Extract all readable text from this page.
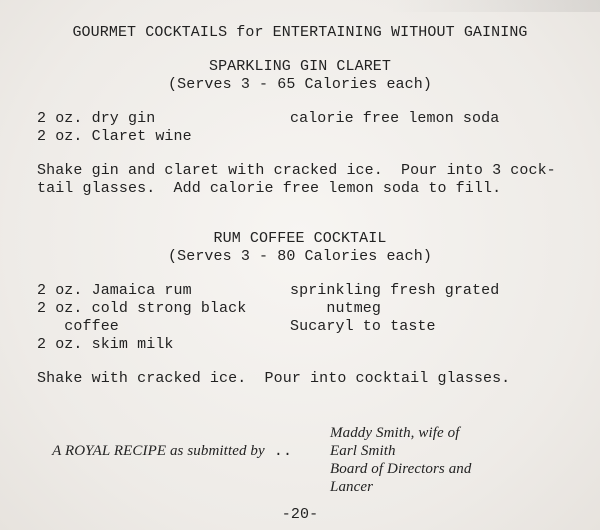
GOURMET COCKTAILS for ENTERTAINING WITHOUT GAINING
SPARKLING GIN CLARET
(Serves 3 - 65 Calories each)
2 oz. dry gin
2 oz. Claret wine
calorie free lemon soda
Shake gin and claret with cracked ice.  Pour into 3 cock-
tail glasses.  Add calorie free lemon soda to fill.
RUM COFFEE COCKTAIL
(Serves 3 - 80 Calories each)
2 oz. Jamaica rum
2 oz. cold strong black
coffee
2 oz. skim milk
sprinkling fresh grated
nutmeg
Sucaryl to taste
Shake with cracked ice.  Pour into cocktail glasses.

A ROYAL RECIPE as submitted by ..

Maddy Smith, wife of
Earl Smith
Board of Directors and
Lancer
-20-
